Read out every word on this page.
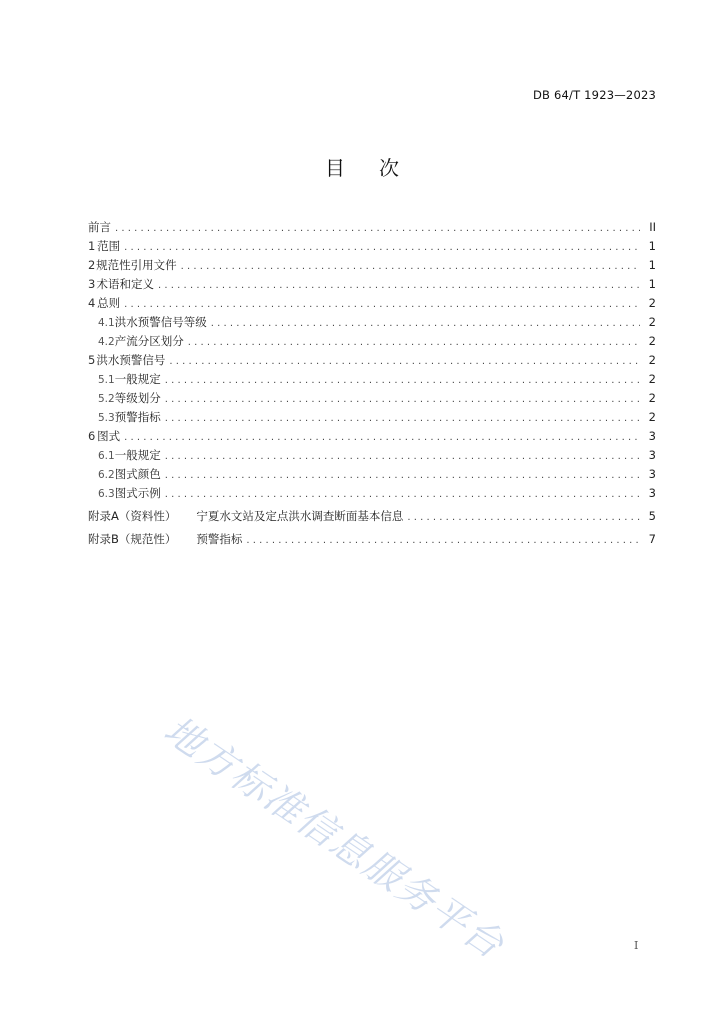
DB 64/T 1923—2023
目次
前言 .....	II
1 范围 .....	1
2 规范性引用文件 .....	1
3 术语和定义 .....	1
4 总则 .....	2
4.1 洪水预警信号等级 .....	2
4.2 产流分区划分 .....	2
5 洪水预警信号 .....	2
5.1 一般规定 .....	2
5.2 等级划分 .....	2
5.3 预警指标 .....	2
6 图式 .....	3
6.1 一般规定 .....	3
6.2 图式颜色 .....	3
6.3 图式示例 .....	3
附录A（资料性） 宁夏水文站及定点洪水调查断面基本信息 .....	5
附录B（规范性） 预警指标 .....	7
地方标准信息服务平台	I
